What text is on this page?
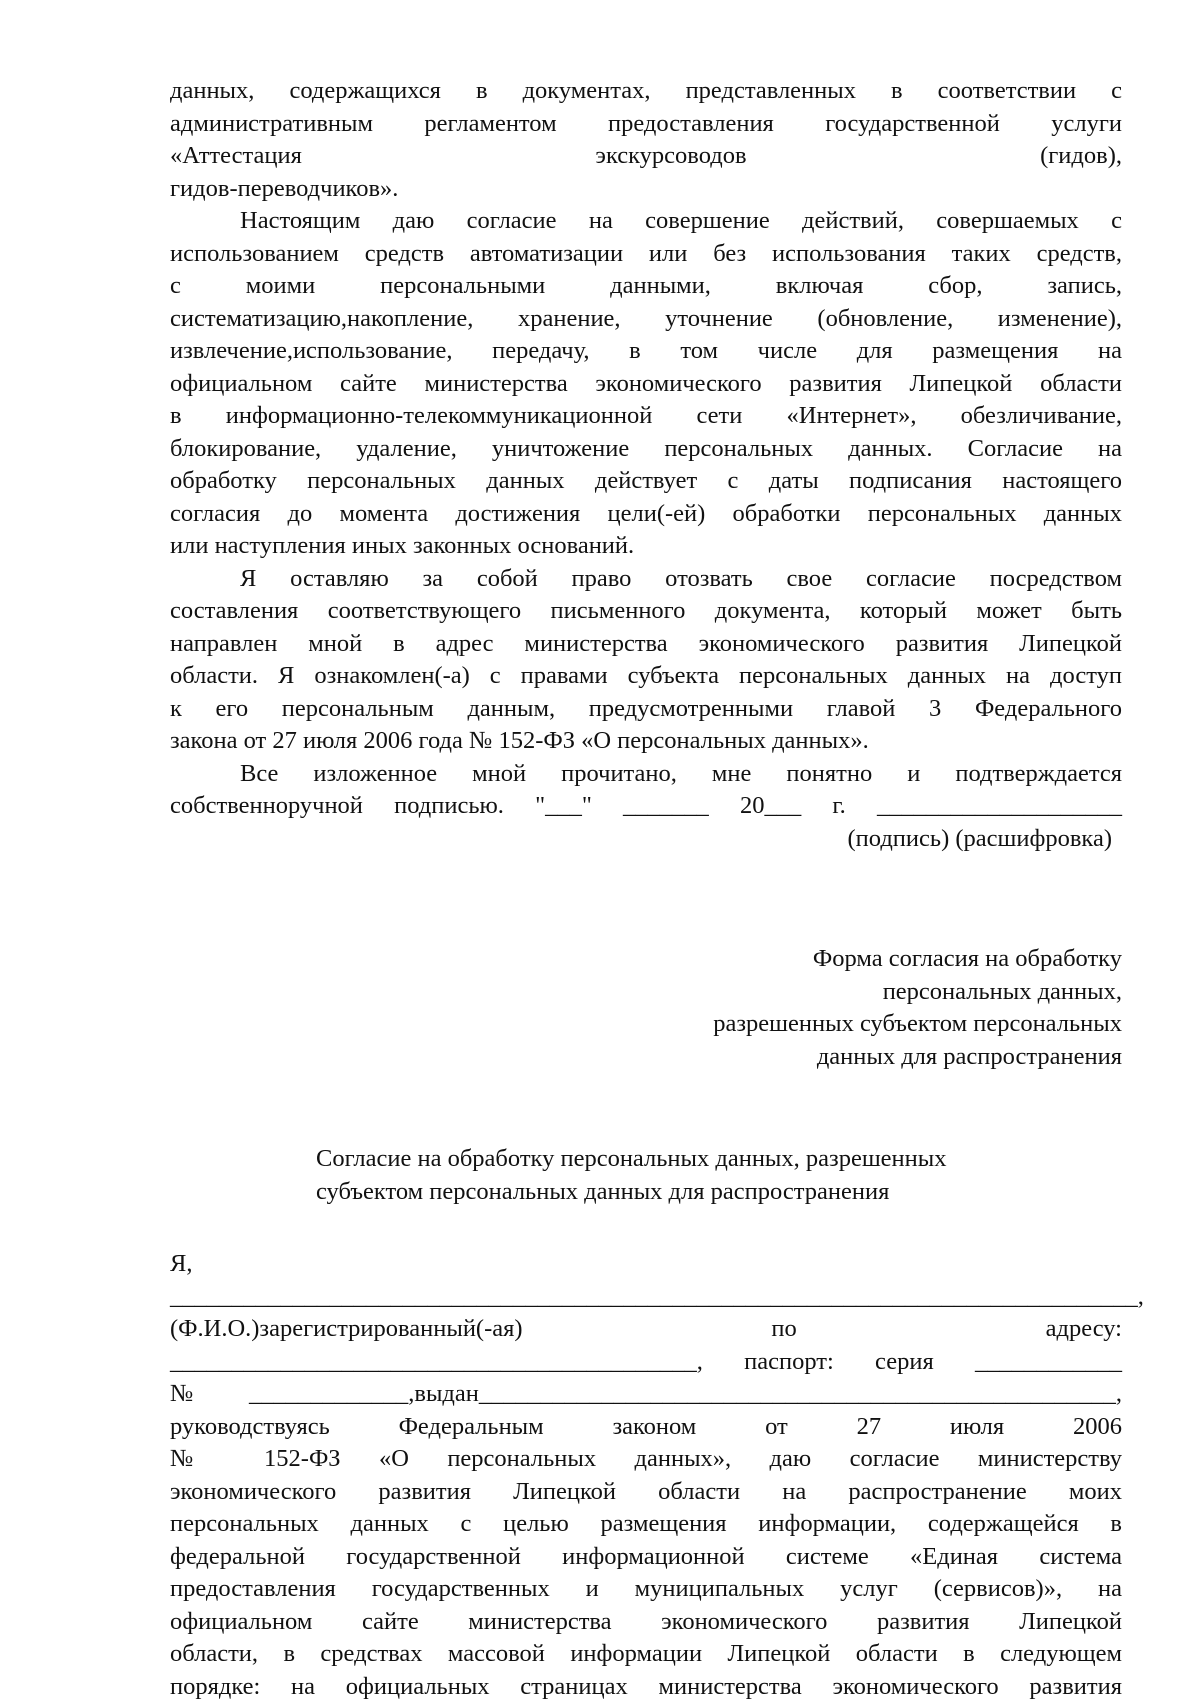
данных, содержащихся в документах, представленных в соответствии с
административным регламентом предоставления государственной услуги
«Аттестация экскурсоводов (гидов),
гидов-переводчиков».
Настоящим даю согласие на совершение действий, совершаемых с
использованием средств автоматизации или без использования таких средств,
с моими персональными данными, включая сбор, запись,
систематизацию,накопление, хранение, уточнение (обновление, изменение),
извлечение,использование, передачу, в том числе для размещения на
официальном сайте министерства экономического развития Липецкой области
в информационно-телекоммуникационной сети «Интернет», обезличивание,
блокирование, удаление, уничтожение персональных данных. Согласие на
обработку персональных данных действует с даты подписания настоящего
согласия до момента достижения цели(-ей) обработки персональных данных
или наступления иных законных оснований.
Я оставляю за собой право отозвать свое согласие посредством
составления соответствующего письменного документа, который может быть
направлен мной в адрес министерства экономического развития Липецкой
области. Я ознакомлен(-а) с правами субъекта персональных данных на доступ
к его персональным данным, предусмотренными главой 3 Федерального
закона от 27 июля 2006 года № 152-ФЗ «О персональных данных».
Все изложенное мной прочитано, мне понятно и подтверждается
собственноручной подписью. "___" _______ 20___ г. ____________________
(подпись) (расшифровка)
Форма согласия на обработку
персональных данных,
разрешенных субъектом персональных
данных для распространения
Согласие на обработку персональных данных, разрешенных
субъектом персональных данных для распространения
Я,
_______________________________________________________________________________,
(Ф.И.О.)зарегистрированный(-ая) по адресу:
___________________________________________, паспорт: серия ____________
№_____________,выдан____________________________________________________,
руководствуясь Федеральным законом от 27 июля 2006
№ 152-ФЗ «О персональных данных», даю согласие министерству
экономического развития Липецкой области на распространение моих
персональных данных с целью размещения информации, содержащейся в
федеральной государственной информационной системе «Единая система
предоставления государственных и муниципальных услуг (сервисов)», на
официальном сайте министерства экономического развития Липецкой
области, в средствах массовой информации Липецкой области в следующем
порядке: на официальных страницах министерства экономического развития
